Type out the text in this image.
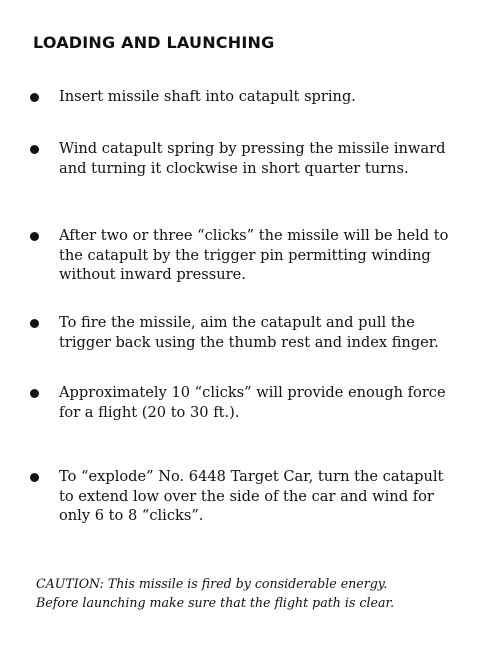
LOADING AND LAUNCHING
Insert missile shaft into catapult spring.
Wind catapult spring by pressing the missile inward and turning it clockwise in short quarter turns.
After two or three “clicks” the missile will be held to the catapult by the trigger pin permitting winding without inward pressure.
To fire the missile, aim the catapult and pull the trigger back using the thumb rest and index finger.
Approximately 10 “clicks” will provide enough force for a flight (20 to 30 ft.).
To “explode” No. 6448 Target Car, turn the catapult to extend low over the side of the car and wind for only 6 to 8 “clicks”.
CAUTION: This missile is fired by considerable energy.
Before launching make sure that the flight path is clear.
